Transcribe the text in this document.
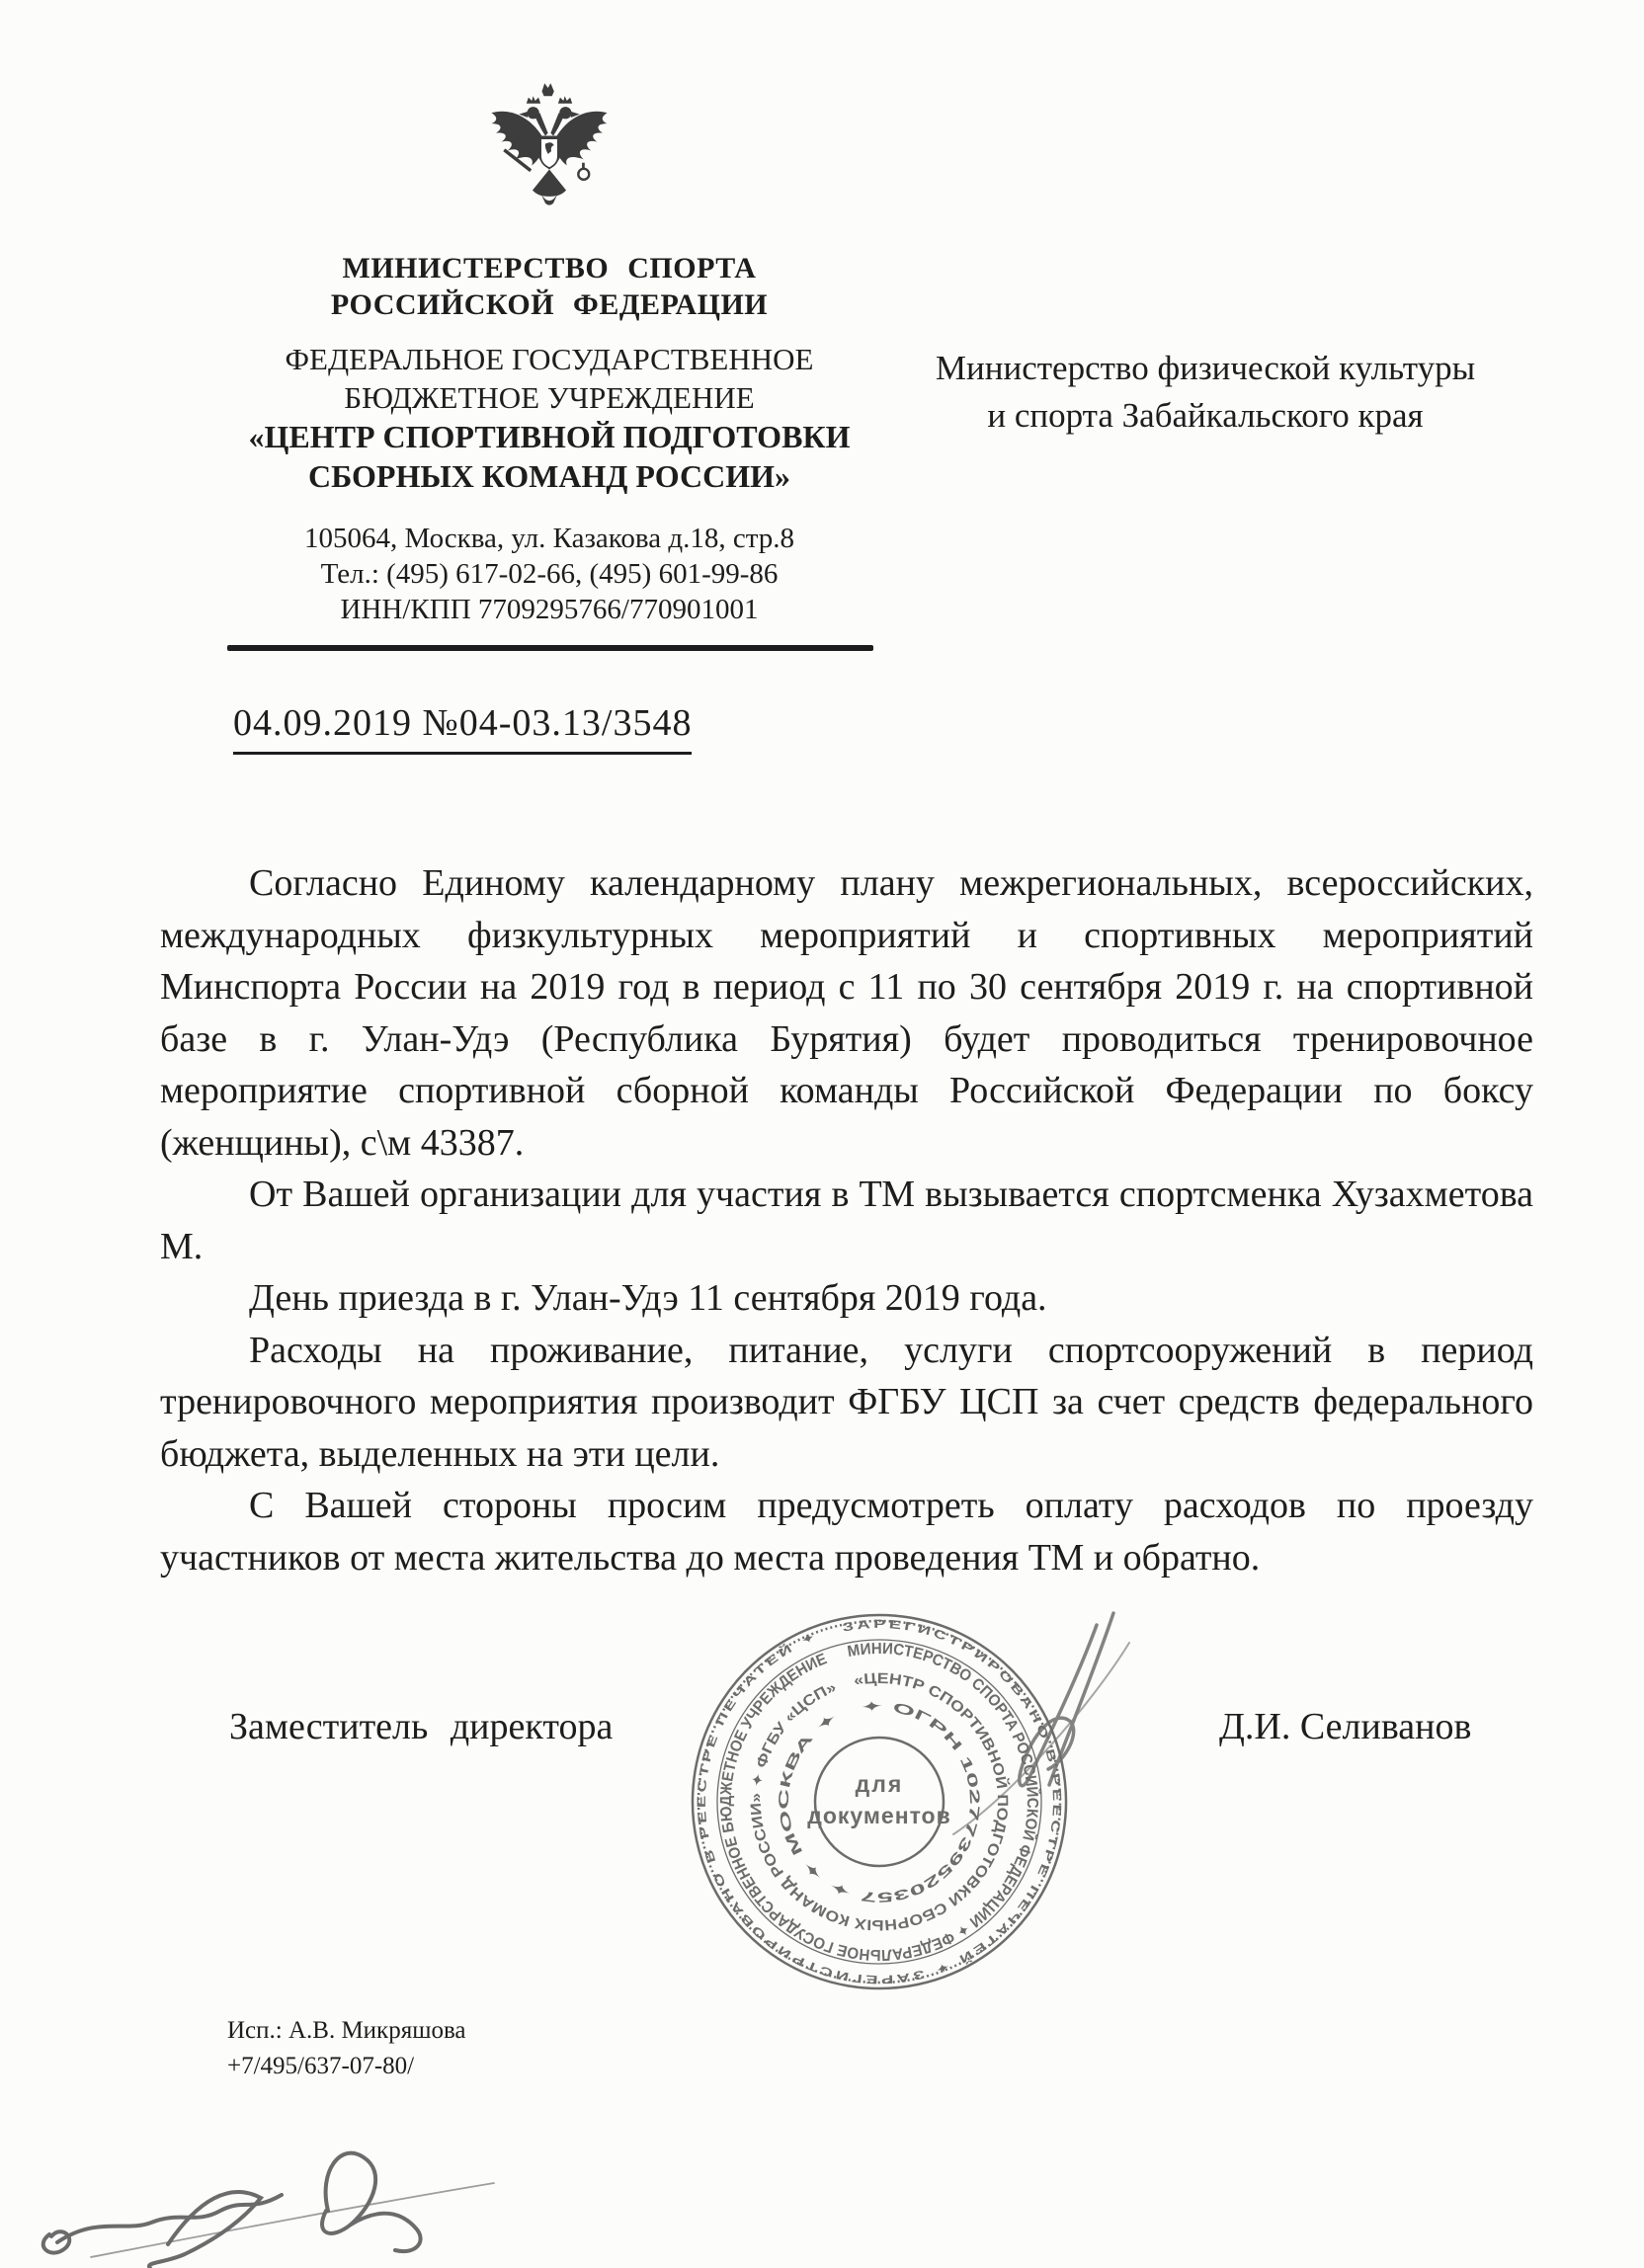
МИНИСТЕРСТВО СПОРТА
РОССИЙСКОЙ ФЕДЕРАЦИИ
ФЕДЕРАЛЬНОЕ ГОСУДАРСТВЕННОЕ
БЮДЖЕТНОЕ УЧРЕЖДЕНИЕ
«ЦЕНТР СПОРТИВНОЙ ПОДГОТОВКИ
СБОРНЫХ КОМАНД РОССИИ»
105064, Москва, ул. Казакова д.18, стр.8
Тел.: (495) 617-02-66, (495) 601-99-86
ИНН/КПП 7709295766/770901001
Министерство физической культуры
и спорта Забайкальского края
04.09.2019 №04-03.13/3548

Согласно Единому календарному плану межрегиональных, всероссийских, международных физкультурных мероприятий и спортивных мероприятий Минспорта России на 2019 год в период с 11 по 30 сентября 2019 г. на спортивной базе в г. Улан-Удэ (Республика Бурятия) будет проводиться тренировочное мероприятие спортивной сборной команды Российской Федерации по боксу (женщины), с\м 43387.

От Вашей организации для участия в ТМ вызывается спортсменка Хузахметова М.

День приезда в г. Улан-Удэ 11 сентября 2019 года.

Расходы на проживание, питание, услуги спортсооружений в период тренировочного мероприятия производит ФГБУ ЦСП за счет средств федерального бюджета, выделенных на эти цели.

С Вашей стороны просим предусмотреть оплату расходов по проезду участников от места жительства до места проведения ТМ и обратно.

Заместитель директора	Д.И. Селиванов
ЗАРЕГИСТРИРОВАНО В РЕЕСТРЕ ПЕЧАТЕЙ ✦ ЗАРЕГИСТРИРОВАНО В РЕЕСТРЕ ПЕЧАТЕЙ ✦
МИНИСТЕРСТВО СПОРТА РОССИЙСКОЙ ФЕДЕРАЦИИ ✦ ФЕДЕРАЛЬНОЕ ГОСУДАРСТВЕННОЕ БЮДЖЕТНОЕ УЧРЕЖДЕНИЕ
«ЦЕНТР СПОРТИВНОЙ ПОДГОТОВКИ СБОРНЫХ КОМАНД РОССИИ» ✦ ФГБУ «ЦСП»
✦ ОГРН 1027739520357 ✦ ✦ МОСКВА ✦
для
документов
Исп.: А.В. Микряшова
+7/495/637-07-80/
